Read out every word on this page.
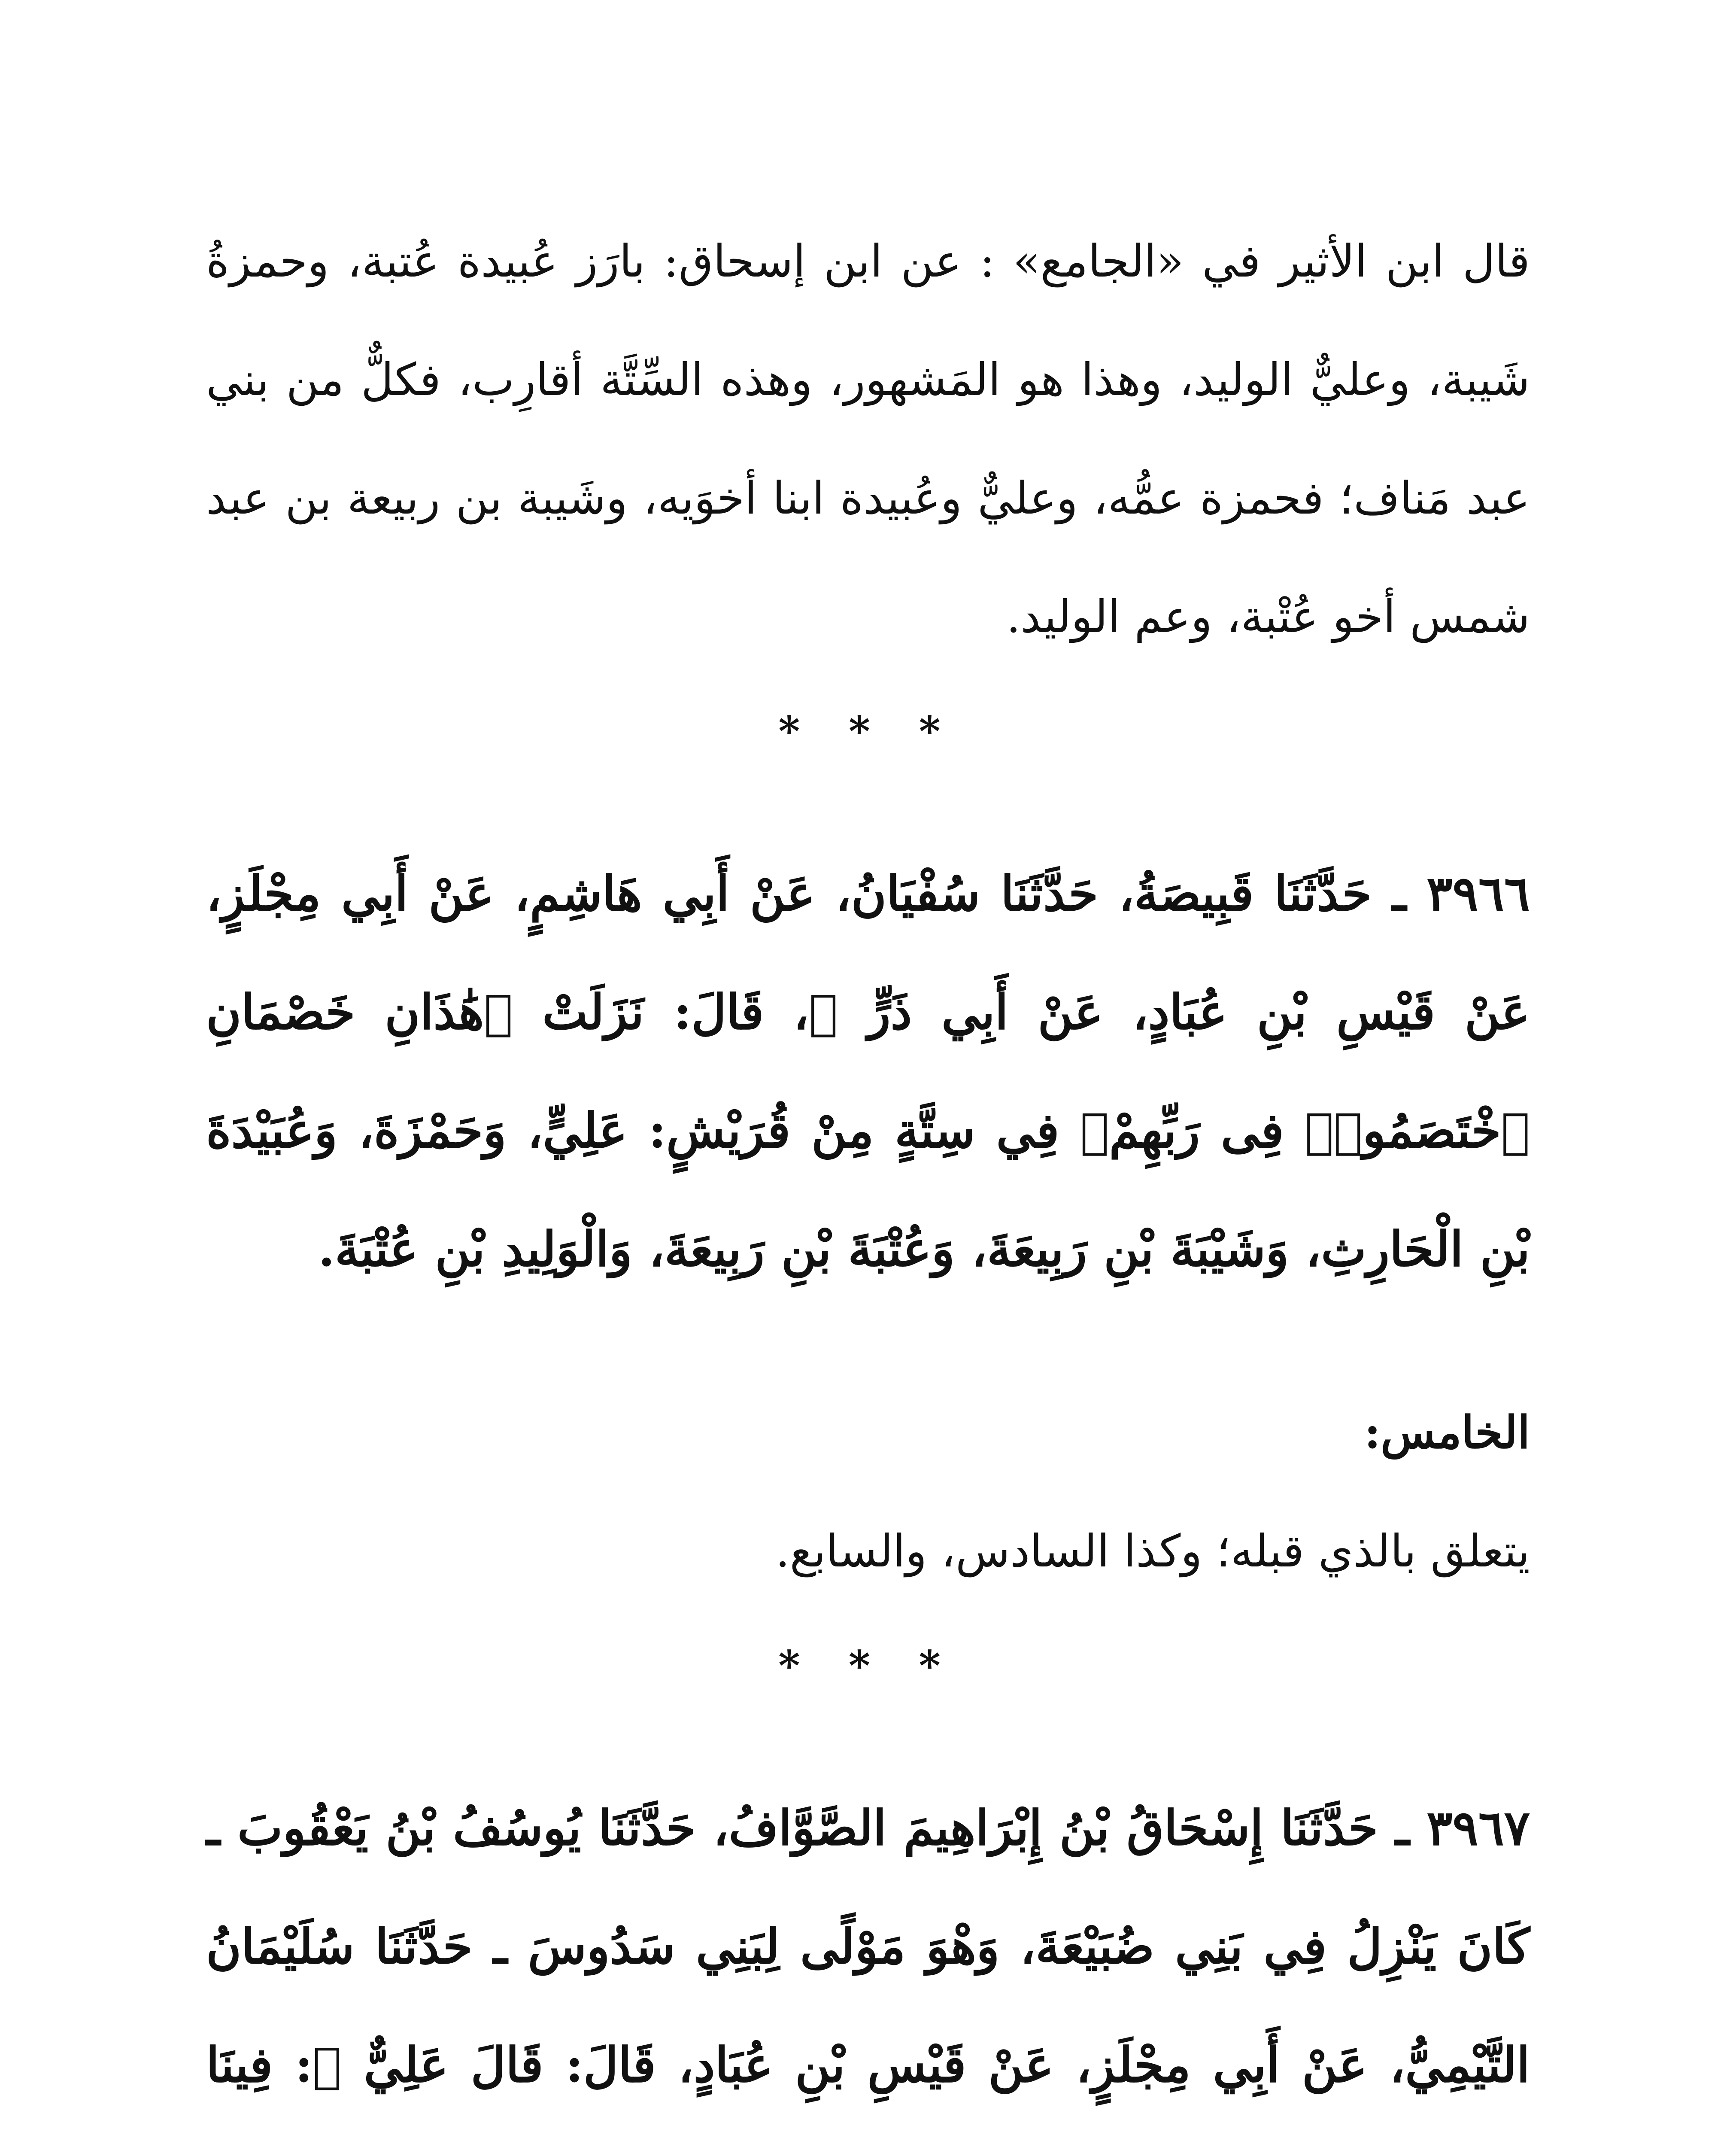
قال ابن الأثير في «الجامع» : عن ابن إسحاق: بارَز عُبيدة عُتبة، وحمزةُ شَيبة، وعليٌّ الوليد، وهذا هو المَشهور، وهذه السِّتَّة أقارِب، فكلٌّ من بني عبد مَناف؛ فحمزة عمُّه، وعليٌّ وعُبيدة ابنا أخوَيه، وشَيبة بن ربيعة بن عبد شمس أخو عُتْبة، وعم الوليد.

* * *

٣٩٦٦ ـ حَدَّثَنَا قَبِيصَةُ، حَدَّثَنَا سُفْيَانُ، عَنْ أَبِي هَاشِمٍ، عَنْ أَبِي مِجْلَزٍ، عَنْ قَيْسِ بْنِ عُبَادٍ، عَنْ أَبِي ذَرٍّ ﷺ، قَالَ: نَزَلَتْ ﴿هَٰذَانِ خَصْمَانِ ٱخْتَصَمُوا۟ فِى رَبِّهِمْ﴾ فِي سِتَّةٍ مِنْ قُرَيْشٍ: عَلِيٍّ، وَحَمْزَةَ، وَعُبَيْدَةَ بْنِ الْحَارِثِ، وَشَيْبَةَ بْنِ رَبِيعَةَ، وَعُتْبَةَ بْنِ رَبِيعَةَ، وَالْوَلِيدِ بْنِ عُتْبَةَ.

الخامس:

يتعلق بالذي قبله؛ وكذا السادس، والسابع.

* * *

٣٩٦٧ ـ حَدَّثَنَا إِسْحَاقُ بْنُ إِبْرَاهِيمَ الصَّوَّافُ، حَدَّثَنَا يُوسُفُ بْنُ يَعْقُوبَ ـ كَانَ يَنْزِلُ فِي بَنِي ضُبَيْعَةَ، وَهْوَ مَوْلًى لِبَنِي سَدُوسَ ـ حَدَّثَنَا سُلَيْمَانُ التَّيْمِيُّ، عَنْ أَبِي مِجْلَزٍ، عَنْ قَيْسِ بْنِ عُبَادٍ، قَالَ: قَالَ عَلِيٌّ ﷺ: فِينَا
